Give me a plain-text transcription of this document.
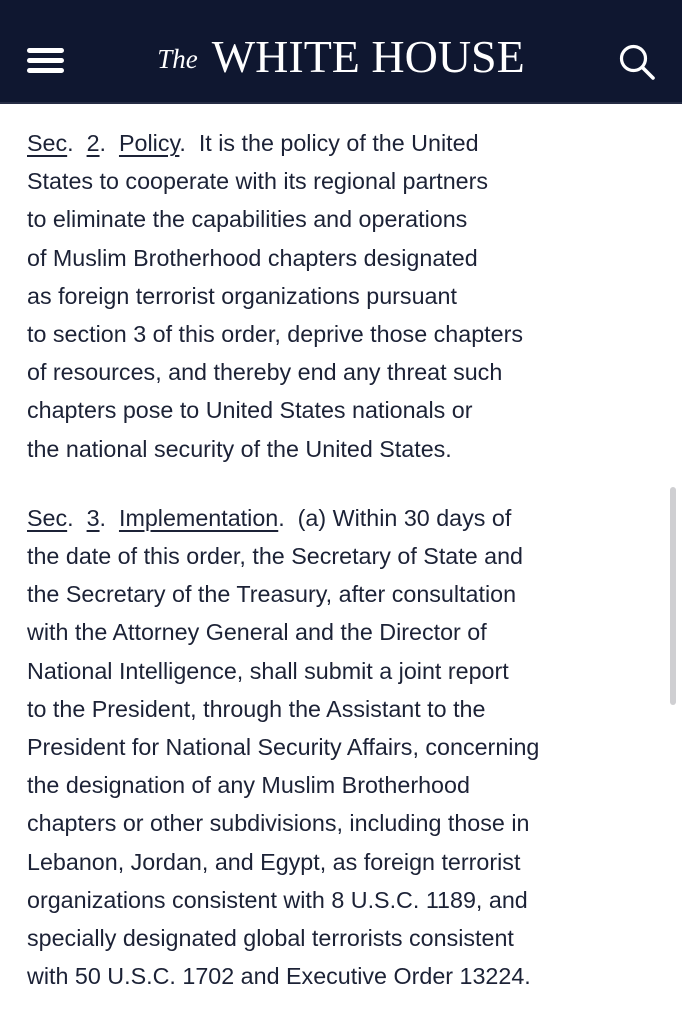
The WHITE HOUSE
Sec.  2.  Policy.  It is the policy of the United
States to cooperate with its regional partners
to eliminate the capabilities and operations
of Muslim Brotherhood chapters designated
as foreign terrorist organizations pursuant
to section 3 of this order, deprive those chapters
of resources, and thereby end any threat such
chapters pose to United States nationals or
the national security of the United States.
Sec.  3.  Implementation.  (a) Within 30 days of
the date of this order, the Secretary of State and
the Secretary of the Treasury, after consultation
with the Attorney General and the Director of
National Intelligence, shall submit a joint report
to the President, through the Assistant to the
President for National Security Affairs, concerning
the designation of any Muslim Brotherhood
chapters or other subdivisions, including those in
Lebanon, Jordan, and Egypt, as foreign terrorist
organizations consistent with 8 U.S.C. 1189, and
specially designated global terrorists consistent
with 50 U.S.C. 1702 and Executive Order 13224.
